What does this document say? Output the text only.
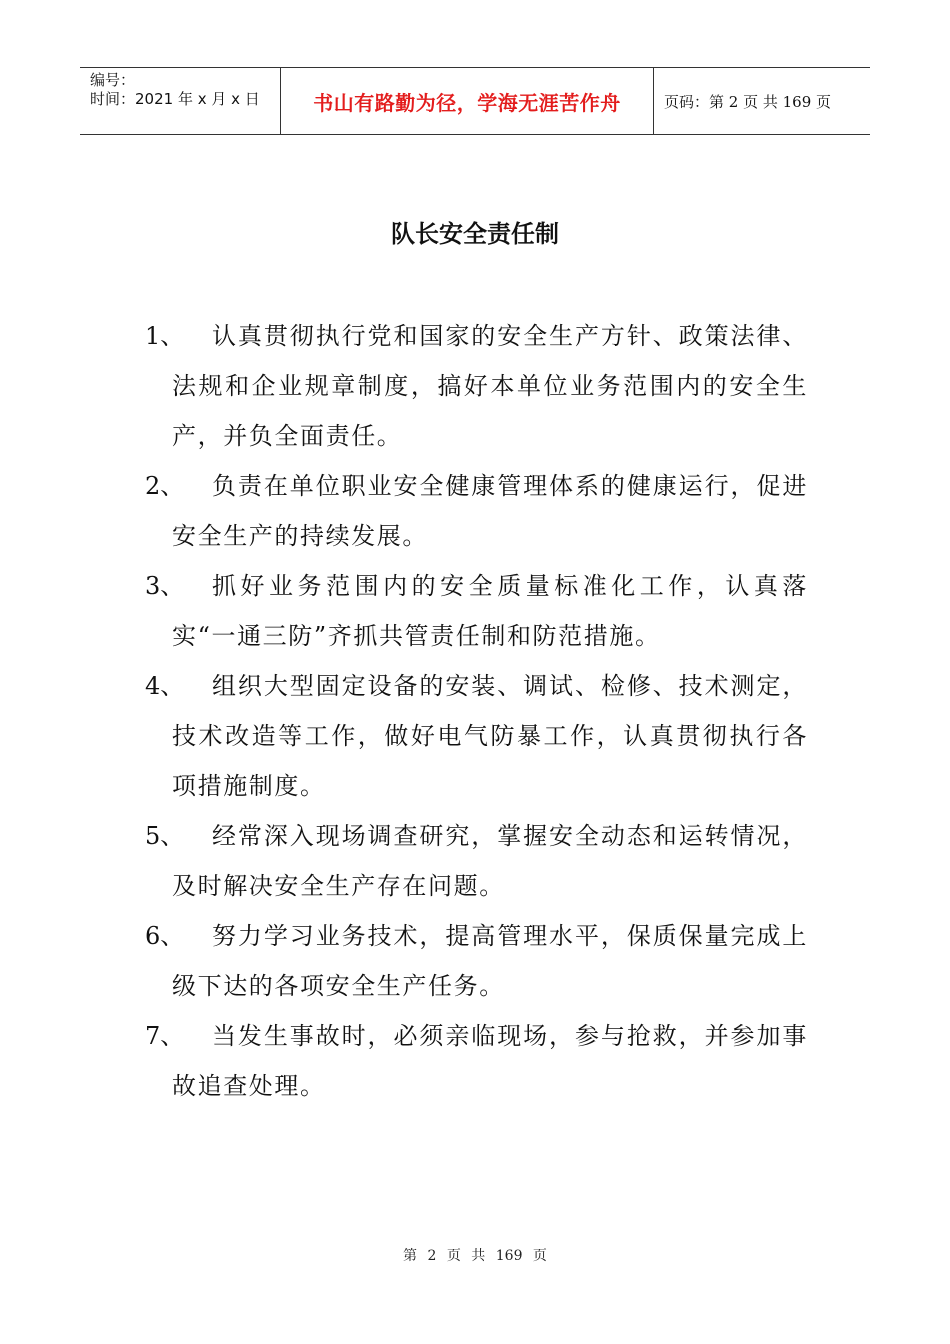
编号：
时间：2021 年 x 月 x 日	书山有路勤为径，学海无涯苦作舟	页码：第 2 页 共 169 页
队长安全责任制
1、	认真贯彻执行党和国家的安全生产方针、政策法律、法规和企业规章制度，搞好本单位业务范围内的安全生产，并负全面责任。
2、	负责在单位职业安全健康管理体系的健康运行，促进安全生产的持续发展。
3、	抓好业务范围内的安全质量标准化工作，认真落实“一通三防”齐抓共管责任制和防范措施。
4、	组织大型固定设备的安装、调试、检修、技术测定，技术改造等工作，做好电气防暴工作，认真贯彻执行各项措施制度。
5、	经常深入现场调查研究，掌握安全动态和运转情况，及时解决安全生产存在问题。
6、	努力学习业务技术，提高管理水平，保质保量完成上级下达的各项安全生产任务。
7、	当发生事故时，必须亲临现场，参与抢救，并参加事故追查处理。
第 2 页 共 169 页
